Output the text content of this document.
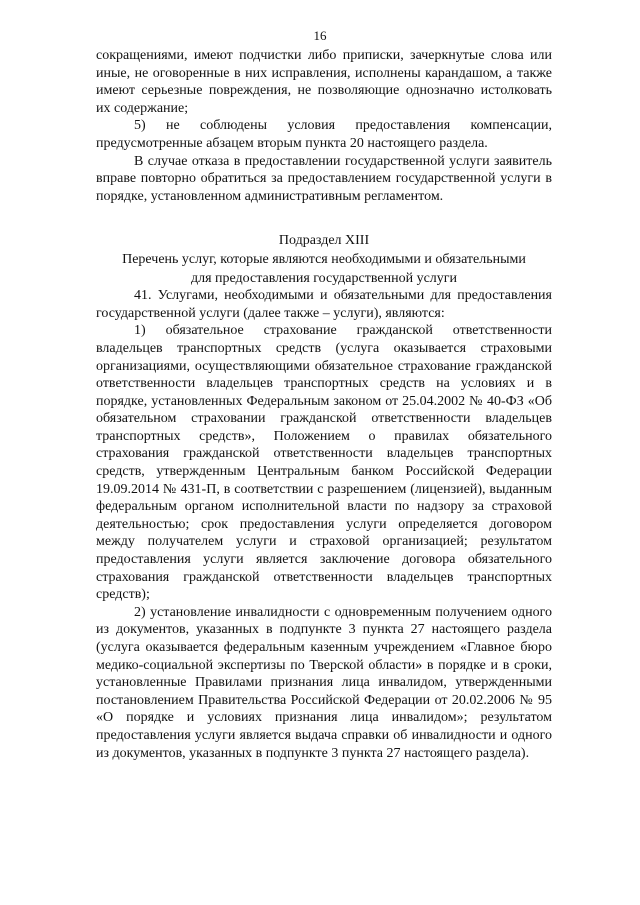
16

сокращениями, имеют подчистки либо приписки, зачеркнутые слова или иные, не оговоренные в них исправления, исполнены карандашом, а также имеют серьезные повреждения, не позволяющие однозначно истолковать их содержание;

5) не соблюдены условия предоставления компенсации, предусмотренные абзацем вторым пункта 20 настоящего раздела.

В случае отказа в предоставлении государственной услуги заявитель вправе повторно обратиться за предоставлением государственной услуги в порядке, установленном административным регламентом.

Подраздел XIII
Перечень услуг, которые являются необходимыми и обязательными
для предоставления государственной услуги

41. Услугами, необходимыми и обязательными для предоставления государственной услуги (далее также – услуги), являются:

1) обязательное страхование гражданской ответственности владельцев транспортных средств (услуга оказывается страховыми организациями, осуществляющими обязательное страхование гражданской ответственности владельцев транспортных средств на условиях и в порядке, установленных Федеральным законом от 25.04.2002 № 40-ФЗ «Об обязательном страховании гражданской ответственности владельцев транспортных средств», Положением о правилах обязательного страхования гражданской ответственности владельцев транспортных средств, утвержденным Центральным банком Российской Федерации 19.09.2014 № 431-П, в соответствии с разрешением (лицензией), выданным федеральным органом исполнительной власти по надзору за страховой деятельностью; срок предоставления услуги определяется договором между получателем услуги и страховой организацией; результатом предоставления услуги является заключение договора обязательного страхования гражданской ответственности владельцев транспортных средств);

2) установление инвалидности с одновременным получением одного из документов, указанных в подпункте 3 пункта 27 настоящего раздела (услуга оказывается федеральным казенным учреждением «Главное бюро медико-социальной экспертизы по Тверской области» в порядке и в сроки, установленные Правилами признания лица инвалидом, утвержденными постановлением Правительства Российской Федерации от 20.02.2006 № 95 «О порядке и условиях признания лица инвалидом»; результатом предоставления услуги является выдача справки об инвалидности и одного из документов, указанных в подпункте 3 пункта 27 настоящего раздела).
